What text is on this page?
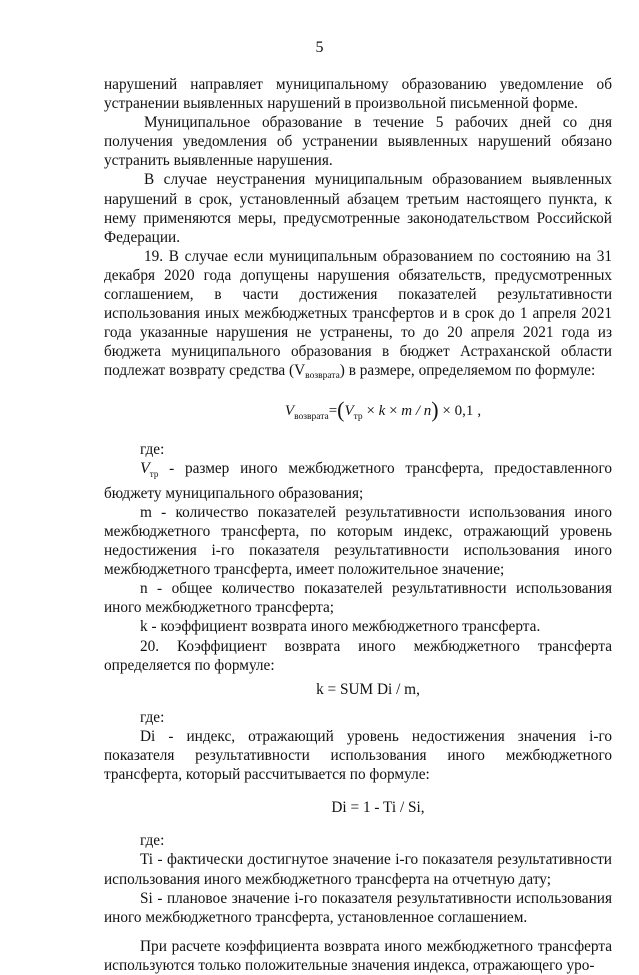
5

нарушений направляет муниципальному образованию уведомление об устранении выявленных нарушений в произвольной письменной форме.

Муниципальное образование в течение 5 рабочих дней со дня получения уведомления об устранении выявленных нарушений обязано устранить выявленные нарушения.

В случае неустранения муниципальным образованием выявленных нарушений в срок, установленный абзацем третьим настоящего пункта, к нему применяются меры, предусмотренные законодательством Российской Федерации.

19. В случае если муниципальным образованием по состоянию на 31 декабря 2020 года допущены нарушения обязательств, предусмотренных соглашением, в части достижения показателей результативности использования иных межбюджетных трансфертов и в срок до 1 апреля 2021 года указанные нарушения не устранены, то до 20 апреля 2021 года из бюджета муниципального образования в бюджет Астраханской области подлежат возврату средства $(V_{возврата})$ в размере, определяемом по формуле:

$V_{возврата}=(V_{тр} \times k \times m / n) \times 0,1$ ,

где:

$V_{тр}$ - размер иного межбюджетного трансферта, предоставленного бюджету муниципального образования;

m - количество показателей результативности использования иного межбюджетного трансферта, по которым индекс, отражающий уровень недостижения i-го показателя результативности использования иного межбюджетного трансферта, имеет положительное значение;

n - общее количество показателей результативности использования иного межбюджетного трансферта;

k - коэффициент возврата иного межбюджетного трансферта.

20. Коэффициент возврата иного межбюджетного трансферта определяется по формуле:

k = SUM Di / m,

где:

Di - индекс, отражающий уровень недостижения значения i-го показателя результативности использования иного межбюджетного трансферта, который рассчитывается по формуле:

Di = 1 - Ti / Si,

где:

Ti - фактически достигнутое значение i-го показателя результативности использования иного межбюджетного трансферта на отчетную дату;

Si - плановое значение i-го показателя результативности использования иного межбюджетного трансферта, установленное соглашением.

При расчете коэффициента возврата иного межбюджетного трансферта используются только положительные значения индекса, отражающего уро-
